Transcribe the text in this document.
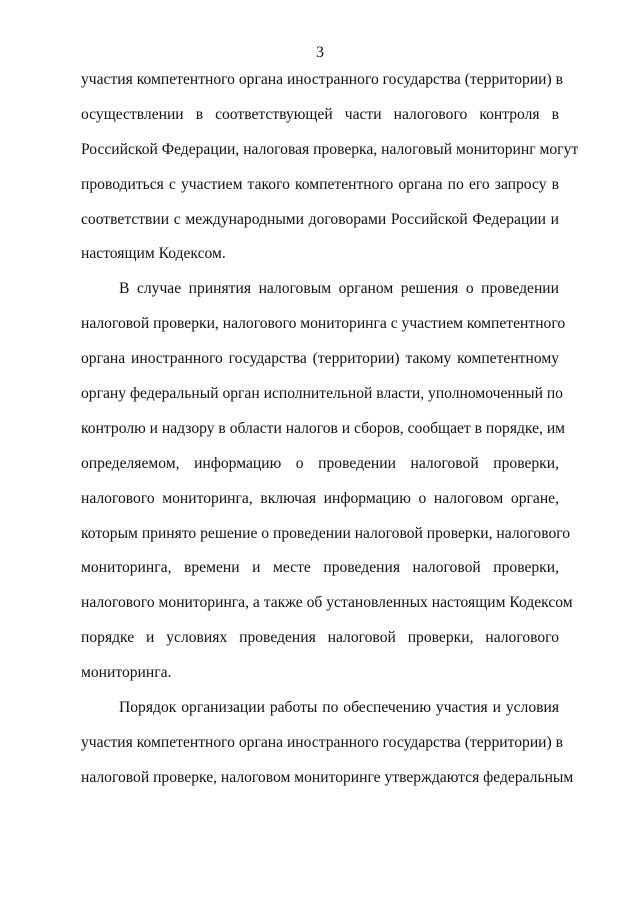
3
участия компетентного органа иностранного государства (территории) в
осуществлении в соответствующей части налогового контроля в
Российской Федерации, налоговая проверка, налоговый мониторинг могут
проводиться с участием такого компетентного органа по его запросу в
соответствии с международными договорами Российской Федерации и
настоящим Кодексом.
В случае принятия налоговым органом решения о проведении
налоговой проверки, налогового мониторинга с участием компетентного
органа иностранного государства (территории) такому компетентному
органу федеральный орган исполнительной власти, уполномоченный по
контролю и надзору в области налогов и сборов, сообщает в порядке, им
определяемом, информацию о проведении налоговой проверки,
налогового мониторинга, включая информацию о налоговом органе,
которым принято решение о проведении налоговой проверки, налогового
мониторинга, времени и месте проведения налоговой проверки,
налогового мониторинга, а также об установленных настоящим Кодексом
порядке и условиях проведения налоговой проверки, налогового
мониторинга.
Порядок организации работы по обеспечению участия и условия
участия компетентного органа иностранного государства (территории) в
налоговой проверке, налоговом мониторинге утверждаются федеральным
